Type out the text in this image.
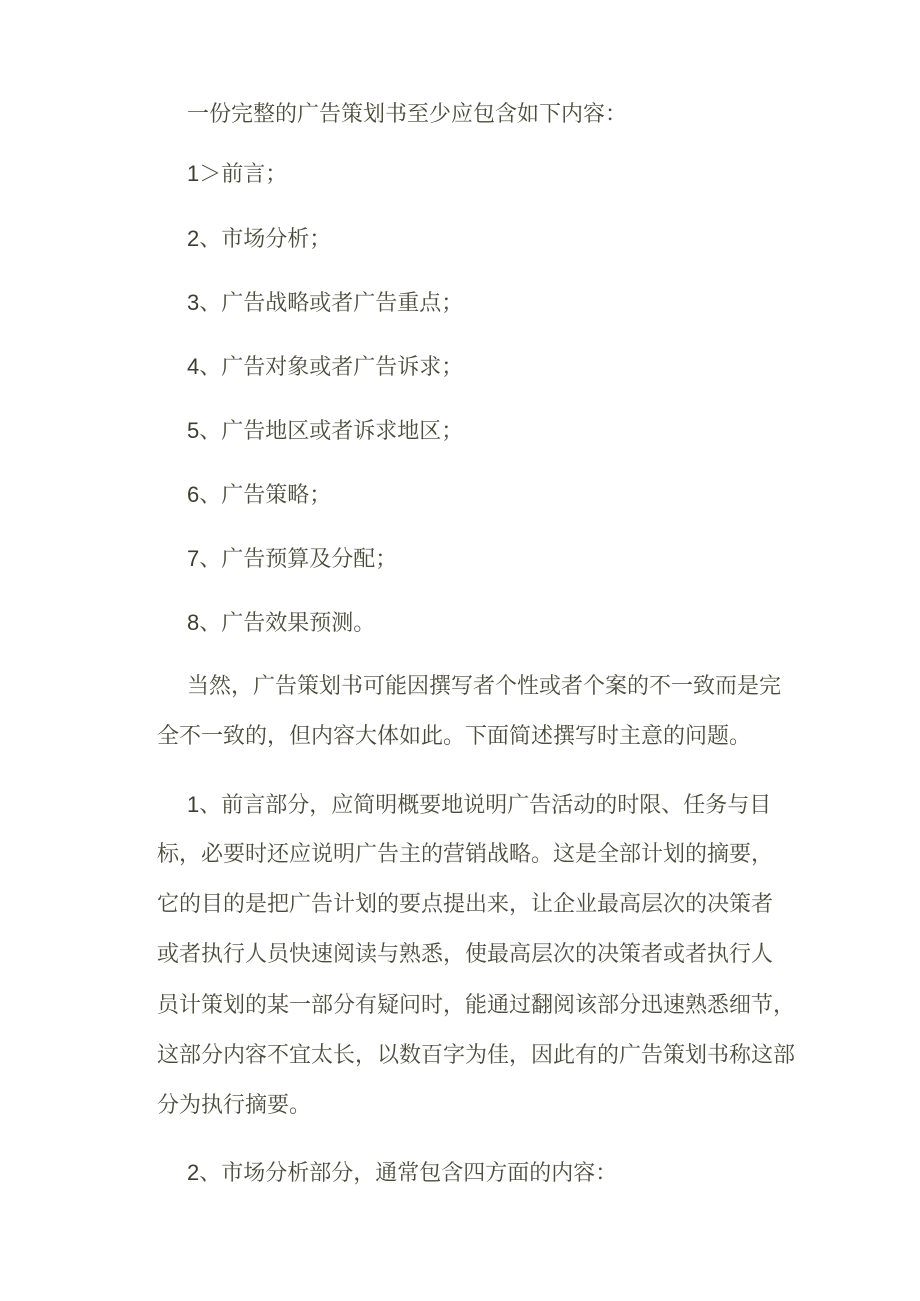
一份完整的广告策划书至少应包含如下内容：
1＞前言；
2、市场分析；
3、广告战略或者广告重点；
4、广告对象或者广告诉求；
5、广告地区或者诉求地区；
6、广告策略；
7、广告预算及分配；
8、广告效果预测。
当然，广告策划书可能因撰写者个性或者个案的不一致而是完
全不一致的，但内容大体如此。下面简述撰写时主意的问题。
1、前言部分，应简明概要地说明广告活动的时限、任务与目
标，必要时还应说明广告主的营销战略。这是全部计划的摘要，
它的目的是把广告计划的要点提出来，让企业最高层次的决策者
或者执行人员快速阅读与熟悉，使最高层次的决策者或者执行人
员计策划的某一部分有疑问时，能通过翻阅该部分迅速熟悉细节，
这部分内容不宜太长，以数百字为佳，因此有的广告策划书称这部
分为执行摘要。
2、市场分析部分，通常包含四方面的内容：
